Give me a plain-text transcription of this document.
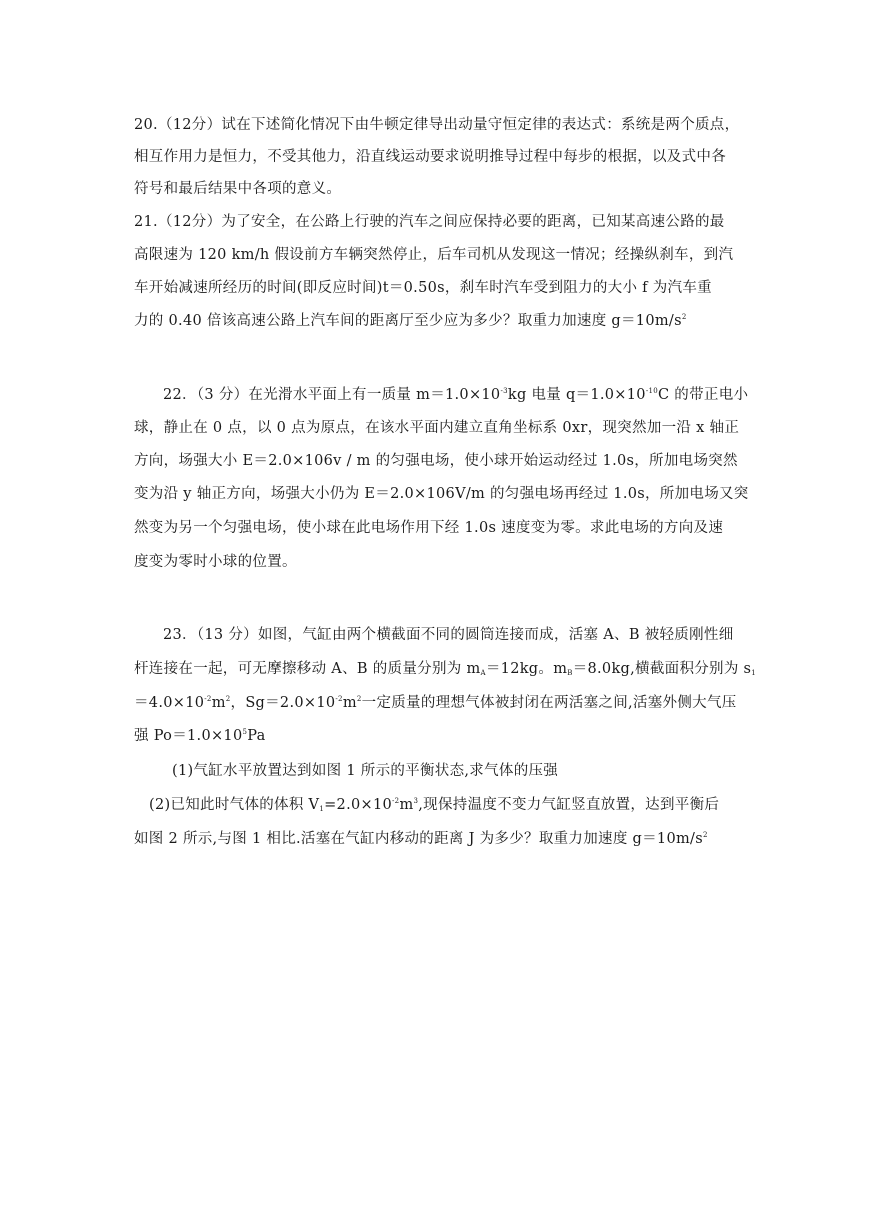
20.（12分）试在下述简化情况下由牛顿定律导出动量守恒定律的表达式：系统是两个质点，
相互作用力是恒力，不受其他力，沿直线运动要求说明推导过程中每步的根据，以及式中各
符号和最后结果中各项的意义。
21.（12分）为了安全，在公路上行驶的汽车之间应保持必要的距离，已知某高速公路的最
高限速为 120 km/h 假设前方车辆突然停止，后车司机从发现这一情况；经操纵刹车，到汽
车开始减速所经历的时间(即反应时间)t＝0.50s，刹车时汽车受到阻力的大小 f 为汽车重
力的 0.40 倍该高速公路上汽车间的距离厅至少应为多少？取重力加速度 $g=10m/s^2$
22．（3 分）在光滑水平面上有一质量 $m=1.0\times 10^{-3}kg$ 电量 $q=1.0\times 10^{-10}C$ 的带正电小
球，静止在 0 点，以 0 点为原点，在该水平面内建立直角坐标系 0xr，现突然加一沿 x 轴正
方向，场强大小 E＝2.0×106v / m 的匀强电场，使小球开始运动经过 1.0s，所加电场突然
变为沿 y 轴正方向，场强大小仍为 E＝2.0×106V/m 的匀强电场再经过 1.0s，所加电场又突
然变为另一个匀强电场，使小球在此电场作用下经 1.0s 速度变为零。求此电场的方向及速
度变为零时小球的位置。
23．（13 分）如图，气缸由两个横截面不同的圆筒连接而成，活塞 A、B 被轻质刚性细
杆连接在一起，可无摩擦移动 A、B 的质量分别为 $m_A=12kg$。$m_B=8.0kg$,横截面积分别为 $s_1$
$=4.0\times 10^{-2}m^2$，$Sg=2.0\times 10^{-2}m^2$一定质量的理想气体被封闭在两活塞之间,活塞外侧大气压
强 $Po=1.0\times 10^5Pa$
(1)气缸水平放置达到如图 1 所示的平衡状态,求气体的压强
(2)已知此时气体的体积 $V_1=2.0\times 10^{-2}m^3$,现保持温度不变力气缸竖直放置，达到平衡后
如图 2 所示,与图 1 相比.活塞在气缸内移动的距离 J 为多少？取重力加速度 $g=10m/s^2$
